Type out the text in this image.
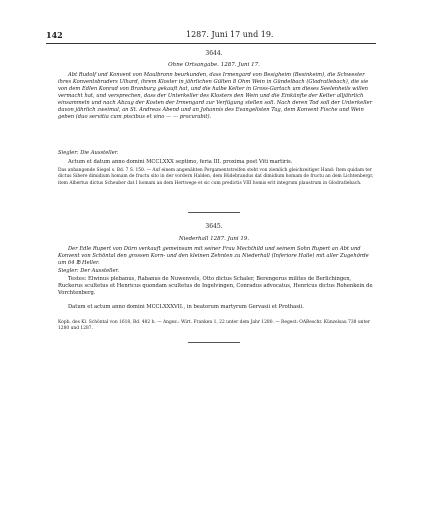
142	1287. Juni 17 und 19.
3644.
Ohne Ortsangabe. 1287. Juni 17.

Abt Rudolf und Konvent von Maulbronn beurkunden, dass Irmengard von Besigheim (Besinkeim), die Schwester ihres Konventsbruders Ulhard, ihrem Kloster in jährlichen Gülten 8 Ohm Wein in Gündelbach (Glodratlebach), die sie von dem Edlen Konrad von Branburg gekauft hat, und die halbe Kelter in Gross-Gartach um dieses Seelenheils willen vermacht hat, und versprechen, dass der Unterkeller des Klosters den Wein und die Einkünfte der Kelter alljährlich einsammeln und nach Abzug der Kosten der Irmengard zur Verfügung stellen soll. Nach deren Tod soll der Unterkeller davon jährlich zweimal, an St. Andreas Abend und an Johannis des Evangelisten Tag, dem Konvent Fische und Wein geben (duo servitia cum piscibus et vino — — procurabit).

Siegler: Die Aussteller.

Actum et datum anno domini MCCLXXX septimo, feria III. proxima post Viti martiris.

Das anhangende Siegel s. Bd. 7 S. 150. — Auf einem angenähten Pergamentstreifen steht von ziemlich gleichzeitiger Hand: Item quidam ter dictus Sibere dimidium homam de fructu sito in der vordern Halden, dem Büdebrandus dat dimidium homam de fructu an dem Lichtenbergr, item Albertus dictus Scheuber dat I homam an dem Hertwege et sic cum predictis VIII homis erit integrum plaustrum in Glodratlebach.

3645.
Niederhall 1287. Juni 19.

Der Edle Rupert von Dürn verkauft gemeinsam mit seiner Frau Mechthild und seinem Sohn Rupert an Abt und Konvent von Schöntal den grossen Korn- und den kleinen Zehnten zu Niederhall (Inferiore Halle) mit aller Zugehörde um 64 ℔ Heller.

Siegler: Der Aussteller.

Testes: Elwinus plebanus, Rabanus de Nuwenvels, Otto dictus Schaler, Berengerus milites de Berlichingen, Ruckerus scultetus et Henricus quondam scultetus de Ingelvingen, Conradus advocatus, Henricus dictus Rohenkein de Vorchtenberg.

Datum et actum anno domini MCCLXXXVII., in beatorum martyrum Gervasii et Prothasii.

Kopb. des Kl. Schöntal von 1618, Bd. 482 b. — Angez.: Wirt. Franken 1, 22 unter dem Jahr 1280. — Regest: OABeschr. Künzelsau 738 unter 1280 und 1287.
